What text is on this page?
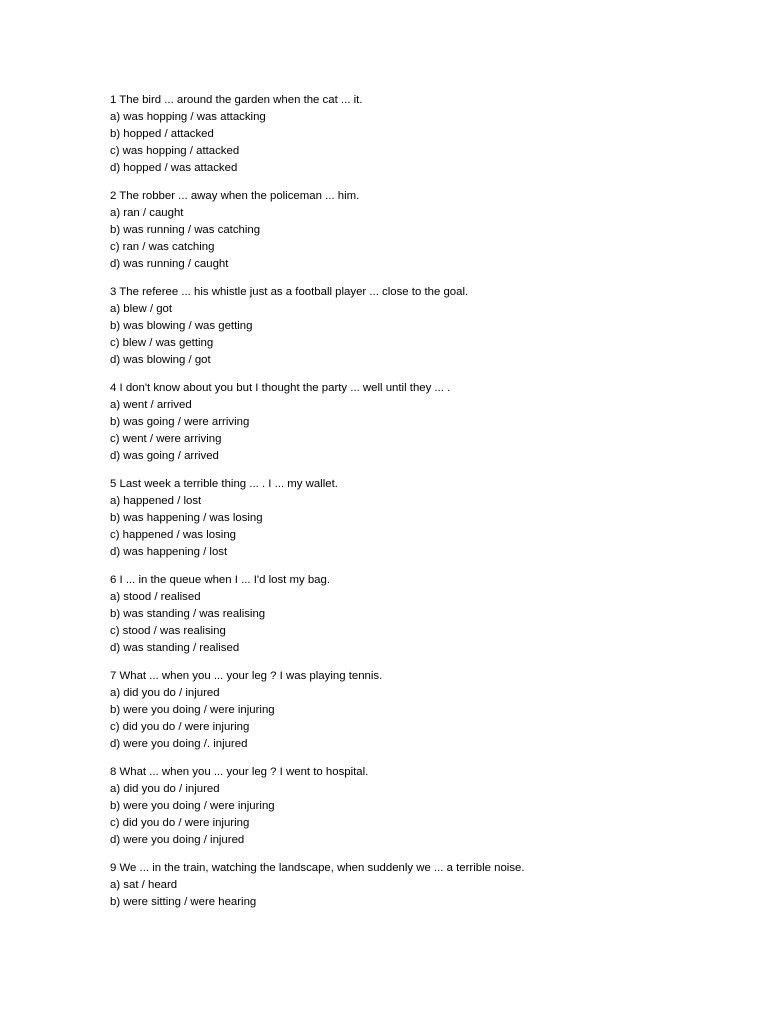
1 The bird ... around the garden when the cat ... it.
a) was hopping / was attacking
b) hopped / attacked
c) was hopping / attacked
d) hopped / was attacked
2 The robber ... away when the policeman ... him.
a) ran / caught
b) was running / was catching
c) ran / was catching
d) was running / caught
3 The referee ... his whistle just as a football player ... close to the goal.
a) blew / got
b) was blowing / was getting
c) blew / was getting
d) was blowing / got
4 I don't know about you but I thought the party ... well until they ... .
a) went / arrived
b) was going / were arriving
c) went / were arriving
d) was going / arrived
5 Last week a terrible thing ... . I ... my wallet.
a) happened / lost
b) was happening / was losing
c) happened / was losing
d) was happening / lost
6 I ... in the queue when I ... I'd lost my bag.
a) stood / realised
b) was standing / was realising
c) stood / was realising
d) was standing / realised
7 What ... when you ... your leg ? I was playing tennis.
a) did you do / injured
b) were you doing / were injuring
c) did you do / were injuring
d) were you doing /. injured
8 What ... when you ... your leg ? I went to hospital.
a) did you do / injured
b) were you doing / were injuring
c) did you do / were injuring
d) were you doing / injured
9 We ... in the train, watching the landscape, when suddenly we ... a terrible noise.
a) sat / heard
b) were sitting / were hearing
